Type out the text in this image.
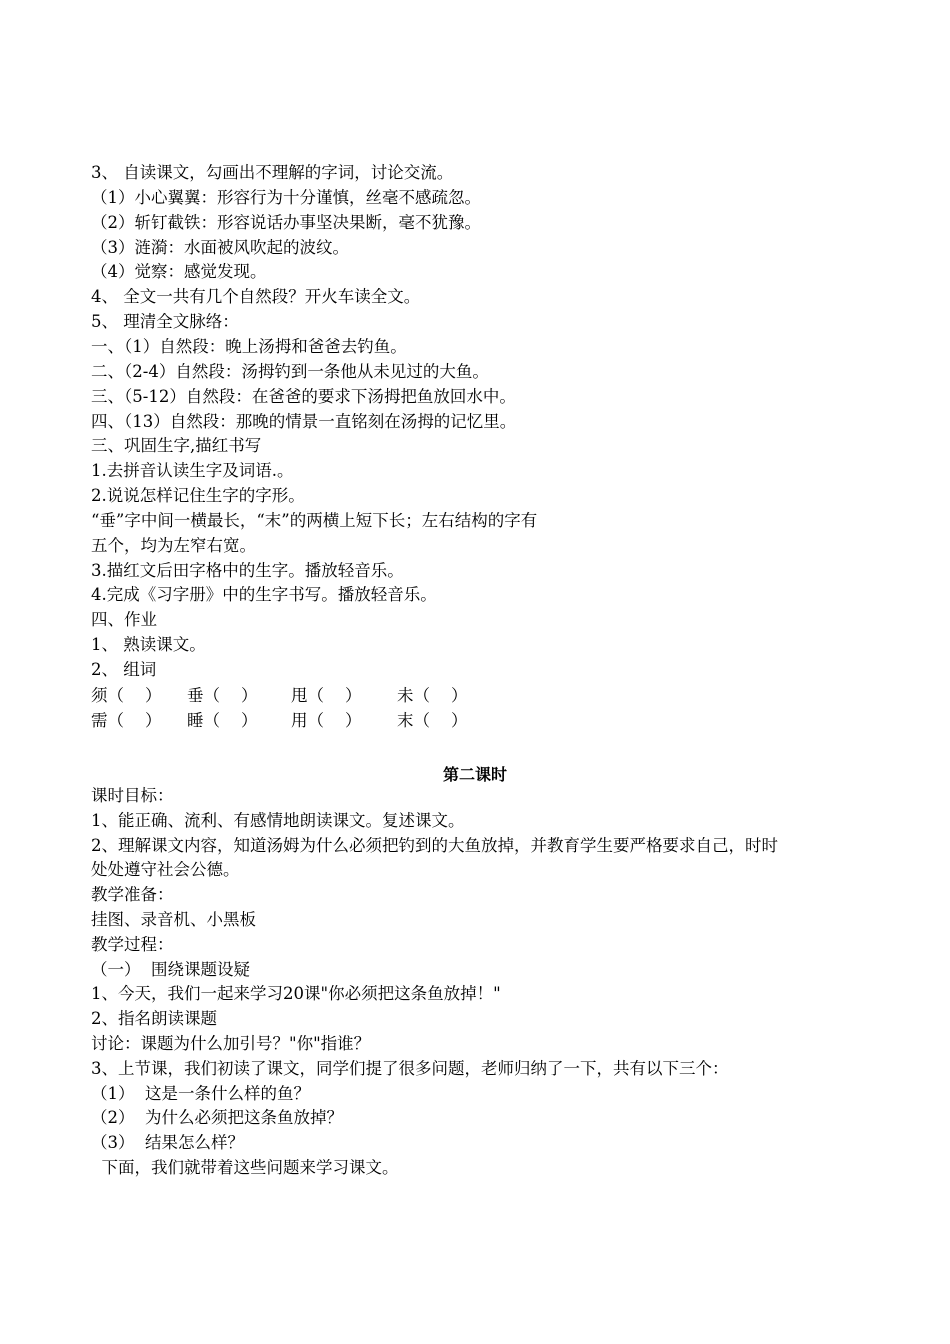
3、 自读课文，勾画出不理解的字词，讨论交流。
（1）小心翼翼：形容行为十分谨慎，丝毫不感疏忽。
（2）斩钉截铁：形容说话办事坚决果断，毫不犹豫。
（3）涟漪：水面被风吹起的波纹。
（4）觉察：感觉发现。
4、 全文一共有几个自然段？开火车读全文。
5、 理清全文脉络：
一、（1）自然段：晚上汤拇和爸爸去钓鱼。
二、（2-4）自然段：汤拇钓到一条他从未见过的大鱼。
三、（5-12）自然段：在爸爸的要求下汤拇把鱼放回水中。
四、（13）自然段：那晚的情景一直铭刻在汤拇的记忆里。
三、巩固生字,描红书写
1.去拼音认读生字及词语.。
2.说说怎样记住生字的字形。
“垂”字中间一横最长，“末”的两横上短下长；左右结构的字有
五个，均为左窄右宽。
3.描红文后田字格中的生字。播放轻音乐。
4.完成《习字册》中的生字书写。播放轻音乐。
四、作业
1、 熟读课文。
2、 组词
须（    ） 垂（    ） 甩（    ） 未（    ）
需（    ） 睡（    ） 用（    ） 末（    ）
第二课时
课时目标：
1、能正确、流利、有感情地朗读课文。复述课文。
2、理解课文内容，知道汤姆为什么必须把钓到的大鱼放掉，并教育学生要严格要求自己，时时
处处遵守社会公德。
教学准备：
挂图、录音机、小黑板
教学过程：
（一）  围绕课题设疑
1、今天，我们一起来学习20课"你必须把这条鱼放掉！"
2、指名朗读课题
讨论：课题为什么加引号？"你"指谁？
3、上节课，我们初读了课文，同学们提了很多问题，老师归纳了一下，共有以下三个：
（1）  这是一条什么样的鱼？
（2）  为什么必须把这条鱼放掉？
（3）  结果怎么样？
下面，我们就带着这些问题来学习课文。
